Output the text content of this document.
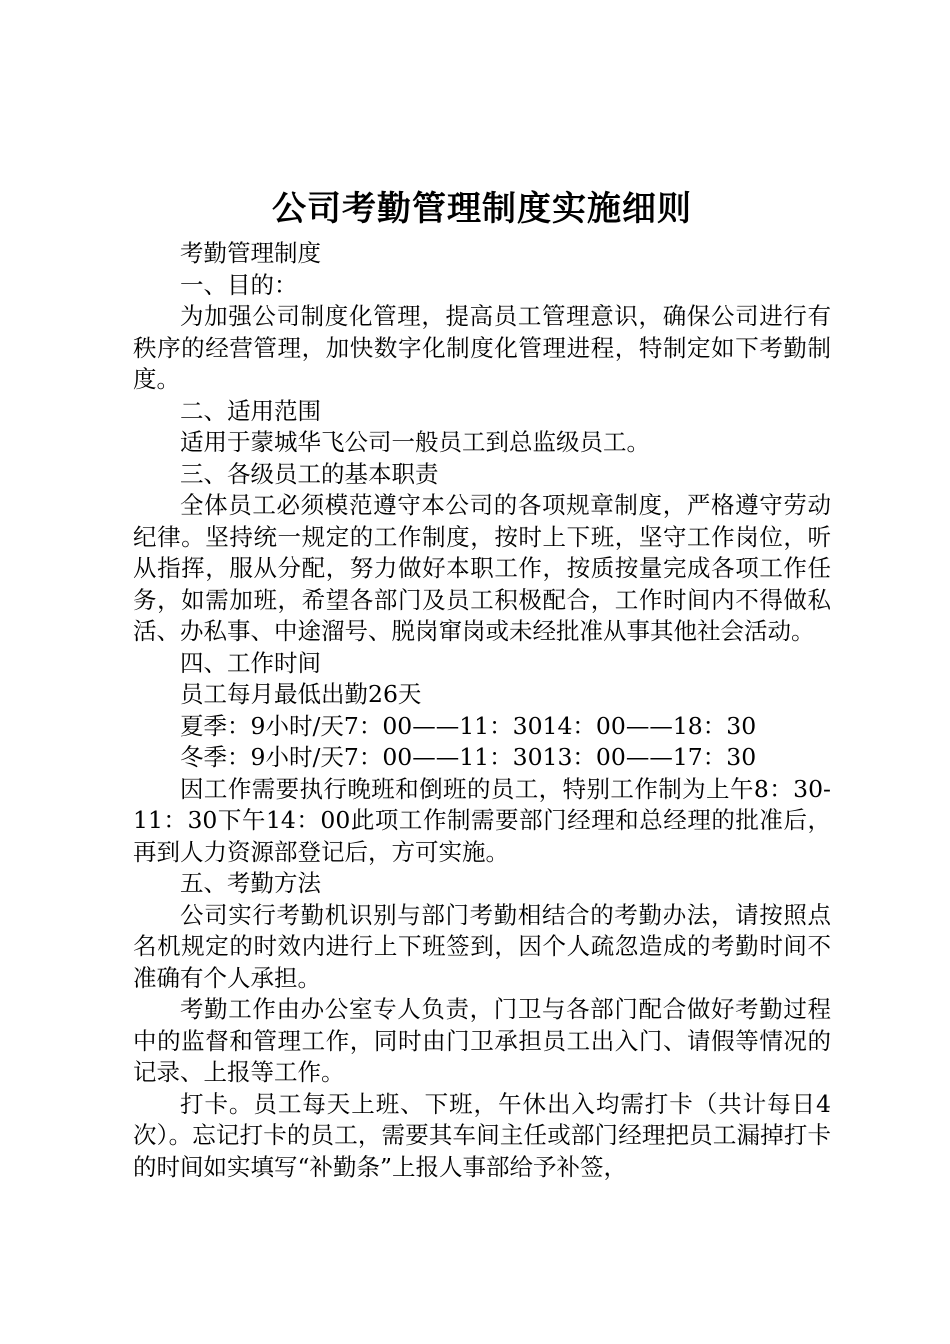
公司考勤管理制度实施细则

考勤管理制度

一、目的：

为加强公司制度化管理，提高员工管理意识，确保公司进行有秩序的经营管理，加快数字化制度化管理进程，特制定如下考勤制度。

二、适用范围

适用于蒙城华飞公司一般员工到总监级员工。

三、各级员工的基本职责

全体员工必须模范遵守本公司的各项规章制度，严格遵守劳动纪律。坚持统一规定的工作制度，按时上下班，坚守工作岗位，听从指挥，服从分配，努力做好本职工作，按质按量完成各项工作任务，如需加班，希望各部门及员工积极配合，工作时间内不得做私活、办私事、中途溜号、脱岗窜岗或未经批准从事其他社会活动。

四、工作时间

员工每月最低出勤26天

夏季：9小时/天7：00——11：3014：00——18：30

冬季：9小时/天7：00——11：3013：00——17：30

因工作需要执行晚班和倒班的员工，特别工作制为上午8：30-11：30下午14：00此项工作制需要部门经理和总经理的批准后，再到人力资源部登记后，方可实施。

五、考勤方法

公司实行考勤机识别与部门考勤相结合的考勤办法，请按照点名机规定的时效内进行上下班签到，因个人疏忽造成的考勤时间不准确有个人承担。

考勤工作由办公室专人负责，门卫与各部门配合做好考勤过程中的监督和管理工作，同时由门卫承担员工出入门、请假等情况的记录、上报等工作。

打卡。员工每天上班、下班，午休出入均需打卡（共计每日4次）。忘记打卡的员工，需要其车间主任或部门经理把员工漏掉打卡的时间如实填写“补勤条”上报人事部给予补签，
